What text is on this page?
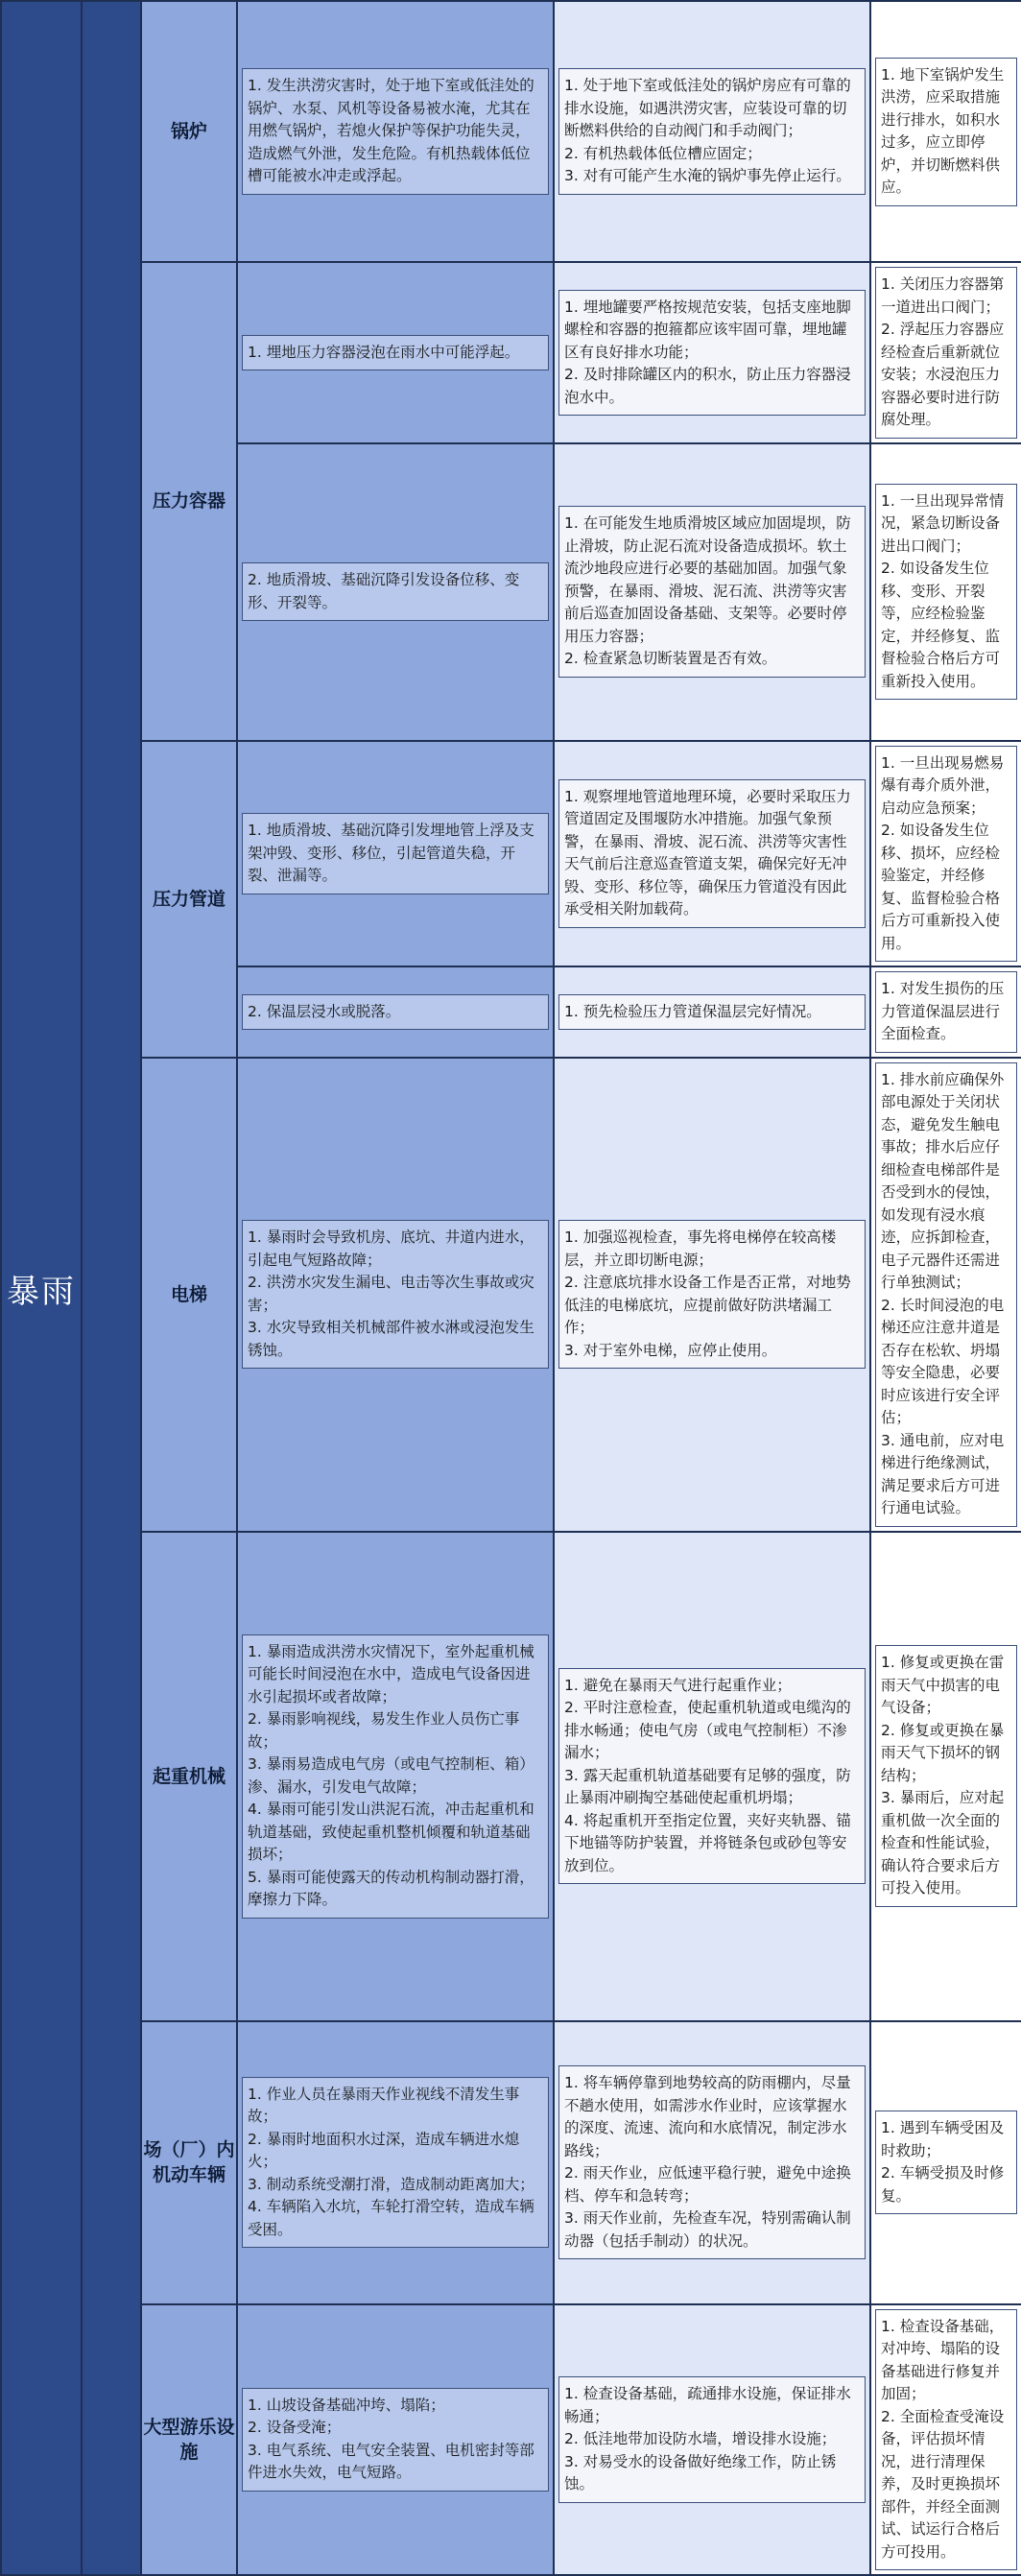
暴雨		锅炉	1. 发生洪涝灾害时，处于地下室或低洼处的锅炉、水泵、风机等设备易被水淹，尤其在用燃气锅炉，若熄火保护等保护功能失灵，造成燃气外泄，发生危险。有机热载体低位槽可能被水冲走或浮起。	1. 处于地下室或低洼处的锅炉房应有可靠的排水设施，如遇洪涝灾害，应装设可靠的切断燃料供给的自动阀门和手动阀门；
2. 有机热载体低位槽应固定；
3. 对有可能产生水淹的锅炉事先停止运行。	1. 地下室锅炉发生洪涝，应采取措施进行排水，如积水过多，应立即停炉，并切断燃料供应。

		压力容器	1. 埋地压力容器浸泡在雨水中可能浮起。	1. 埋地罐要严格按规范安装，包括支座地脚螺栓和容器的抱箍都应该牢固可靠，埋地罐区有良好排水功能；
2. 及时排除罐区内的积水，防止压力容器浸泡水中。	1. 关闭压力容器第一道进出口阀门；
2. 浮起压力容器应经检查后重新就位安装；水浸泡压力容器必要时进行防腐处理。

			2. 地质滑坡、基础沉降引发设备位移、变形、开裂等。	1. 在可能发生地质滑坡区域应加固堤坝，防止滑坡，防止泥石流对设备造成损坏。软土流沙地段应进行必要的基础加固。加强气象预警，在暴雨、滑坡、泥石流、洪涝等灾害前后巡查加固设备基础、支架等。必要时停用压力容器；
2. 检查紧急切断装置是否有效。	1. 一旦出现异常情况，紧急切断设备进出口阀门；
2. 如设备发生位移、变形、开裂等，应经检验鉴定，并经修复、监督检验合格后方可重新投入使用。

		压力管道	1. 地质滑坡、基础沉降引发埋地管上浮及支架冲毁、变形、移位，引起管道失稳，开裂、泄漏等。	1. 观察埋地管道地理环境，必要时采取压力管道固定及围堰防水冲措施。加强气象预警，在暴雨、滑坡、泥石流、洪涝等灾害性天气前后注意巡查管道支架，确保完好无冲毁、变形、移位等，确保压力管道没有因此承受相关附加载荷。	1. 一旦出现易燃易爆有毒介质外泄，启动应急预案；
2. 如设备发生位移、损坏，应经检验鉴定，并经修复、监督检验合格后方可重新投入使用。

			2. 保温层浸水或脱落。	1. 预先检验压力管道保温层完好情况。	1. 对发生损伤的压力管道保温层进行全面检查。

		电梯	1. 暴雨时会导致机房、底坑、井道内进水，引起电气短路故障；
2. 洪涝水灾发生漏电、电击等次生事故或灾害；
3. 水灾导致相关机械部件被水淋或浸泡发生锈蚀。	1. 加强巡视检查，事先将电梯停在较高楼层，并立即切断电源；
2. 注意底坑排水设备工作是否正常，对地势低洼的电梯底坑，应提前做好防洪堵漏工作；
3. 对于室外电梯，应停止使用。	1. 排水前应确保外部电源处于关闭状态，避免发生触电事故；排水后应仔细检查电梯部件是否受到水的侵蚀，如发现有浸水痕迹，应拆卸检查，电子元器件还需进行单独测试；
2. 长时间浸泡的电梯还应注意井道是否存在松软、坍塌等安全隐患，必要时应该进行安全评估；
3. 通电前，应对电梯进行绝缘测试，满足要求后方可进行通电试验。

		起重机械	1. 暴雨造成洪涝水灾情况下，室外起重机械可能长时间浸泡在水中，造成电气设备因进水引起损坏或者故障；
2. 暴雨影响视线，易发生作业人员伤亡事故；
3. 暴雨易造成电气房（或电气控制柜、箱）渗、漏水，引发电气故障；
4. 暴雨可能引发山洪泥石流，冲击起重机和轨道基础，致使起重机整机倾覆和轨道基础损坏；
5. 暴雨可能使露天的传动机构制动器打滑，摩擦力下降。	1. 避免在暴雨天气进行起重作业；
2. 平时注意检查，使起重机轨道或电缆沟的排水畅通；使电气房（或电气控制柜）不渗漏水；
3. 露天起重机轨道基础要有足够的强度，防止暴雨冲刷掏空基础使起重机坍塌；
4. 将起重机开至指定位置，夹好夹轨器、锚下地锚等防护装置，并将链条包或砂包等安放到位。	1. 修复或更换在雷雨天气中损害的电气设备；
2. 修复或更换在暴雨天气下损坏的钢结构；
3. 暴雨后，应对起重机做一次全面的检查和性能试验，确认符合要求后方可投入使用。

		场（厂）内机动车辆	1. 作业人员在暴雨天作业视线不清发生事故；
2. 暴雨时地面积水过深，造成车辆进水熄火；
3. 制动系统受潮打滑，造成制动距离加大；
4. 车辆陷入水坑，车轮打滑空转，造成车辆受困。	1. 将车辆停靠到地势较高的防雨棚内，尽量不趟水使用，如需涉水作业时，应该掌握水的深度、流速、流向和水底情况，制定涉水路线；
2. 雨天作业，应低速平稳行驶，避免中途换档、停车和急转弯；
3. 雨天作业前，先检查车况，特别需确认制动器（包括手制动）的状况。	1. 遇到车辆受困及时救助；
2. 车辆受损及时修复。

		大型游乐设施	1. 山坡设备基础冲垮、塌陷；
2. 设备受淹；
3. 电气系统、电气安全装置、电机密封等部件进水失效，电气短路。	1. 检查设备基础，疏通排水设施，保证排水畅通；
2. 低洼地带加设防水墙，增设排水设施；
3. 对易受水的设备做好绝缘工作，防止锈蚀。	1. 检查设备基础，对冲垮、塌陷的设备基础进行修复并加固；
2. 全面检查受淹设备，评估损坏情况，进行清理保养，及时更换损坏部件，并经全面测试、试运行合格后方可投用。
